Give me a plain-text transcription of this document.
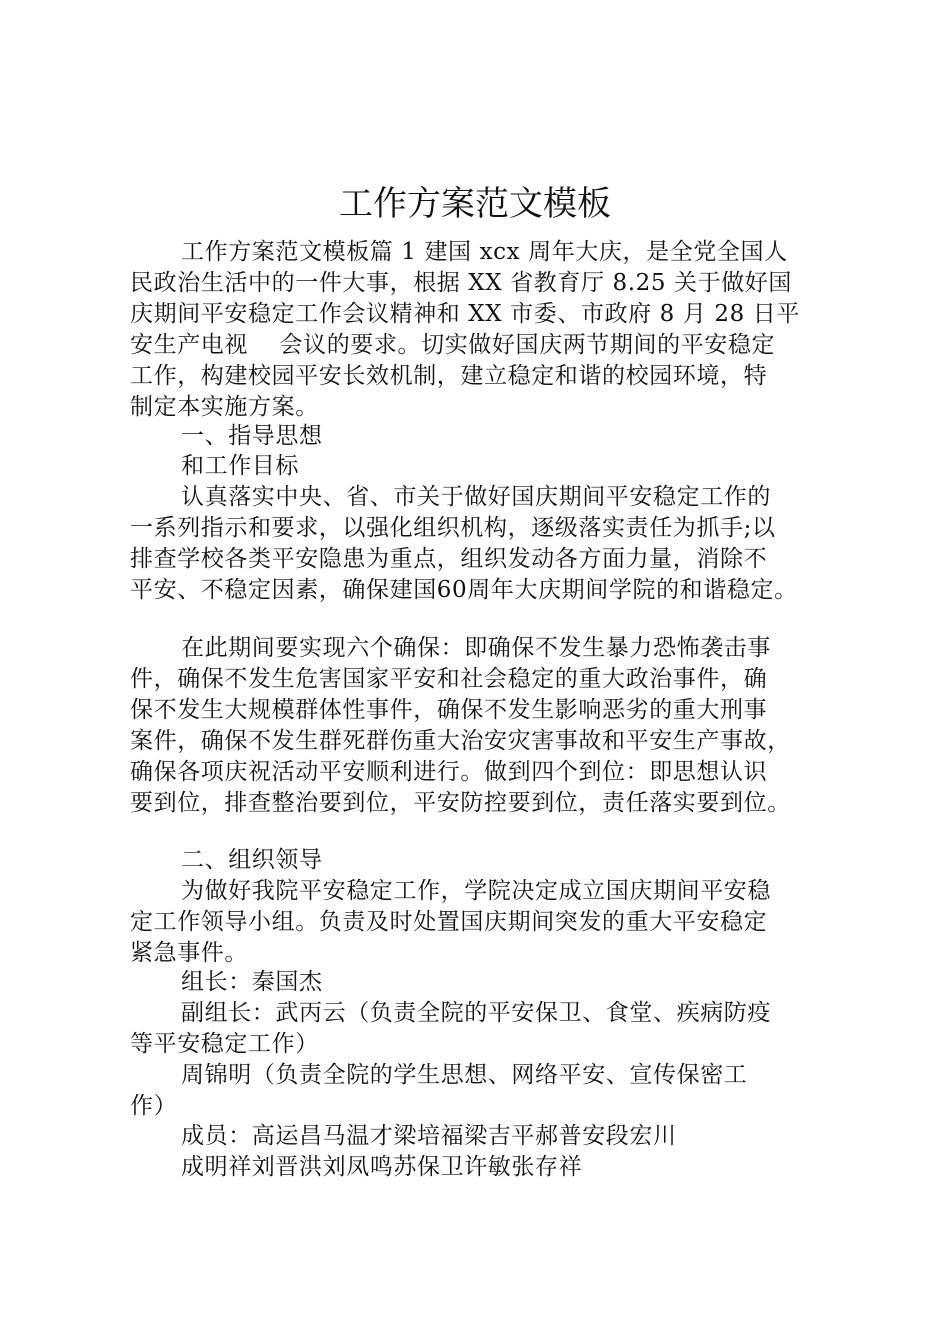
工作方案范文模板
工作方案范文模板篇 1 建国 xcx 周年大庆，是全党全国人
民政治生活中的一件大事，根据 XX 省教育厅 8.25 关于做好国
庆期间平安稳定工作会议精神和 XX 市委、市政府 8 月 28 日平
安生产电视　 会议的要求。切实做好国庆两节期间的平安稳定
工作，构建校园平安长效机制，建立稳定和谐的校园环境，特
制定本实施方案。
一、指导思想
和工作目标
认真落实中央、省、市关于做好国庆期间平安稳定工作的
一系列指示和要求，以强化组织机构，逐级落实责任为抓手;以
排查学校各类平安隐患为重点，组织发动各方面力量，消除不
平安、不稳定因素，确保建国60周年大庆期间学院的和谐稳定。
在此期间要实现六个确保：即确保不发生暴力恐怖袭击事
件，确保不发生危害国家平安和社会稳定的重大政治事件，确
保不发生大规模群体性事件，确保不发生影响恶劣的重大刑事
案件，确保不发生群死群伤重大治安灾害事故和平安生产事故，
确保各项庆祝活动平安顺利进行。做到四个到位：即思想认识
要到位，排查整治要到位，平安防控要到位，责任落实要到位。
二、组织领导
为做好我院平安稳定工作，学院决定成立国庆期间平安稳
定工作领导小组。负责及时处置国庆期间突发的重大平安稳定
紧急事件。
组长：秦国杰
副组长：武丙云（负责全院的平安保卫、食堂、疾病防疫
等平安稳定工作）
周锦明（负责全院的学生思想、网络平安、宣传保密工
作）
成员：高运昌马温才梁培福梁吉平郝普安段宏川
成明祥刘晋洪刘凤鸣苏保卫许敏张存祥
